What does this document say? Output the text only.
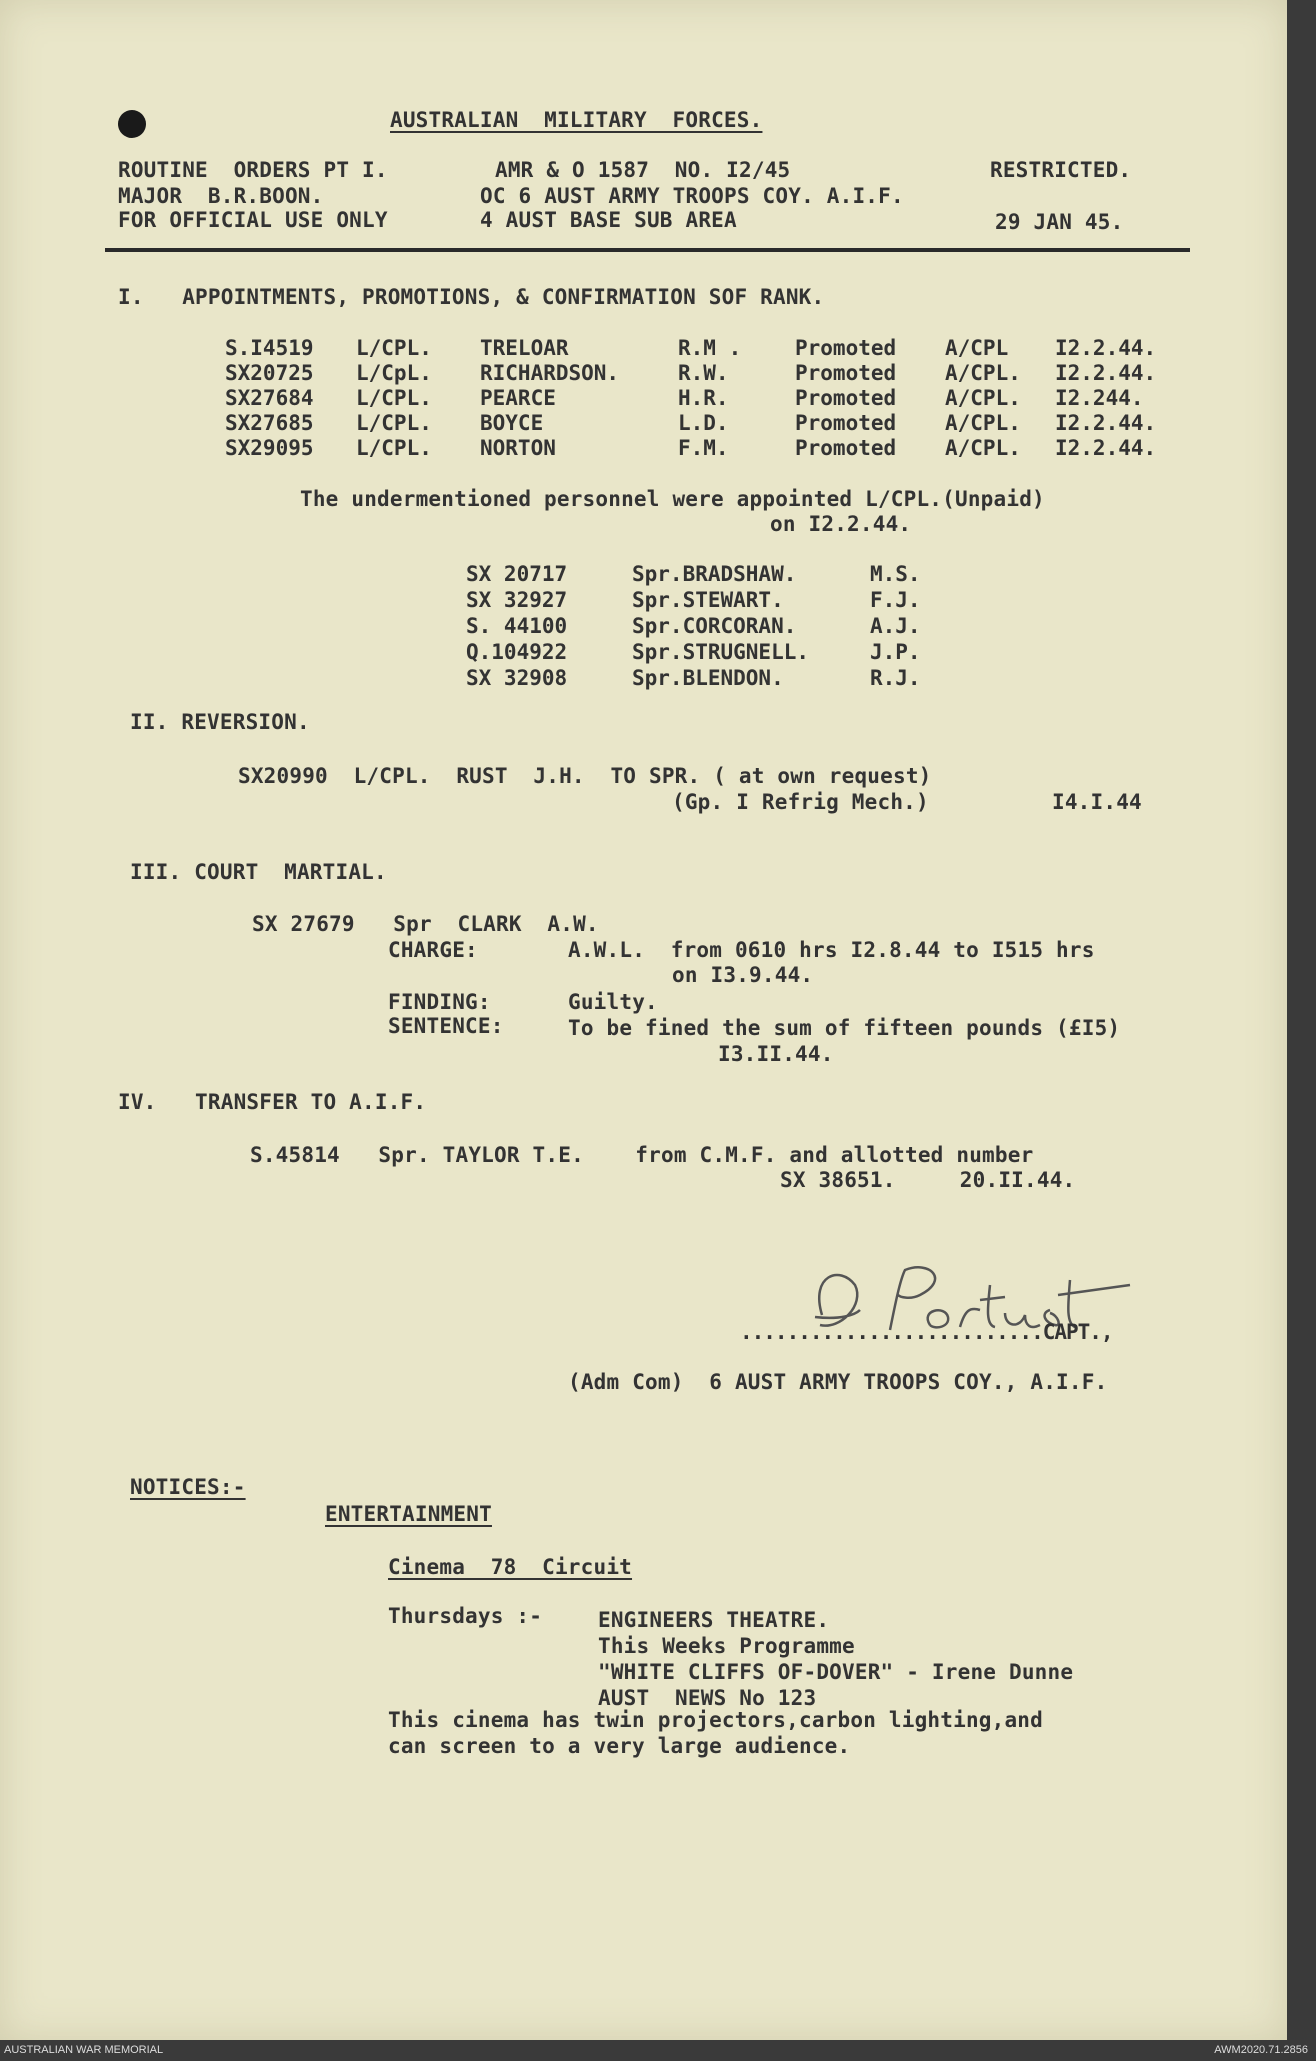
AUSTRALIAN  MILITARY  FORCES.
ROUTINE  ORDERS PT I.	AMR & O 1587  NO. I2/45	RESTRICTED.
MAJOR  B.R.BOON.	OC 6 AUST ARMY TROOPS COY. A.I.F.
FOR OFFICIAL USE ONLY	4 AUST BASE SUB AREA	29 JAN 45.
I.   APPOINTMENTS, PROMOTIONS, & CONFIRMATION SOF RANK.
S.I4519 L/CPL. TRELOAR	R.M .	Promoted A/CPL I2.2.44.
SX20725 L/CpL. RICHARDSON.	R.W.	Promoted A/CPL. I2.2.44.
SX27684 L/CPL. PEARCE	H.R.	Promoted A/CPL. I2.244.
SX27685 L/CPL. BOYCE	L.D.	Promoted A/CPL. I2.2.44.
SX29095 L/CPL. NORTON	F.M.	Promoted A/CPL. I2.2.44.
The undermentioned personnel were appointed L/CPL.(Unpaid)
on I2.2.44.
SX 20717	Spr.BRADSHAW.	M.S.
SX 32927	Spr.STEWART.	F.J.
S. 44100	Spr.CORCORAN.	A.J.
Q.104922	Spr.STRUGNELL.	J.P.
SX 32908	Spr.BLENDON.	R.J.
II. REVERSION.
SX20990  L/CPL.  RUST  J.H.  TO SPR. ( at own request)
(Gp. I Refrig Mech.)	I4.I.44
III. COURT  MARTIAL.
SX 27679   Spr  CLARK  A.W.
CHARGE:	A.W.L.  from 0610 hrs I2.8.44 to I515 hrs
on I3.9.44.
FINDING:	Guilty.
SENTENCE:	To be fined the sum of fifteen pounds (£I5)
I3.II.44.
IV.   TRANSFER TO A.I.F.
S.45814   Spr. TAYLOR T.E.    from C.M.F. and allotted number
SX 38651.     20.II.44.
..........................CAPT.,
(Adm Com)  6 AUST ARMY TROOPS COY., A.I.F.
NOTICES:-
ENTERTAINMENT
Cinema  78  Circuit
Thursdays :-	ENGINEERS THEATRE.
This Weeks Programme
"WHITE CLIFFS OF-DOVER" - Irene Dunne
AUST  NEWS No 123
This cinema has twin projectors,carbon lighting,and
can screen to a very large audience.
AUSTRALIAN WAR MEMORIAL	AWM2020.71.2856
